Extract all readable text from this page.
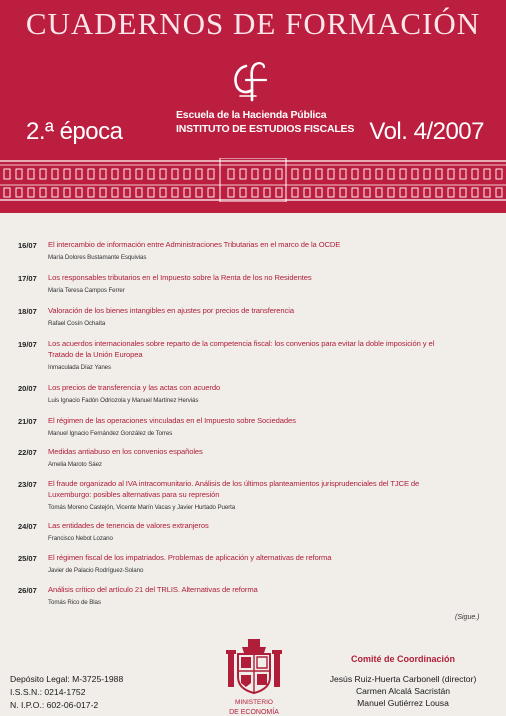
CUADERNOS DE FORMACIÓN
Escuela de la Hacienda Pública
INSTITUTO DE ESTUDIOS FISCALES
2.ª época	Vol. 4/2007
16/07 El intercambio de información entre Administraciones Tributarias en el marco de la OCDE
María Dolores Bustamante Esquivias
17/07 Los responsables tributarios en el Impuesto sobre la Renta de los no Residentes
María Teresa Campos Ferrer
18/07 Valoración de los bienes intangibles en ajustes por precios de transferencia
Rafael Cosín Ochaíta
19/07 Los acuerdos internacionales sobre reparto de la competencia fiscal: los convenios para evitar la doble imposición y el
Tratado de la Unión Europea
Inmaculada Díaz Yanes
20/07 Los precios de transferencia y las actas con acuerdo
Luis Ignacio Fadón Odriozola y Manuel Martínez Herviás
21/07 El régimen de las operaciones vinculadas en el Impuesto sobre Sociedades
Manuel Ignacio Fernández González de Torres
22/07 Medidas antiabuso en los convenios españoles
Amelia Maroto Sáez
23/07 El fraude organizado al IVA intracomunitario. Análisis de los últimos planteamientos jurisprudenciales del TJCE de
Luxemburgo: posibles alternativas para su represión
Tomás Moreno Castejón, Vicente Marín Vacas y Javier Hurtado Puerta
24/07 Las entidades de tenencia de valores extranjeros
Francisco Nebot Lozano
25/07 El régimen fiscal de los impatriados. Problemas de aplicación y alternativas de reforma
Javier de Palacio Rodríguez-Solano
26/07 Análisis crítico del artículo 21 del TRLIS. Alternativas de reforma
Tomás Rico de Blas
(Sigue.)
Depósito Legal: M-3725-1988
I.S.S.N.: 0214-1752
N. I.P.O.: 602-06-017-2	MINISTERIO
DE ECONOMÍA
Comité de Coordinación
Jesús Ruiz-Huerta Carbonell (director)
Carmen Alcalá Sacristán
Manuel Gutiérrez Lousa
